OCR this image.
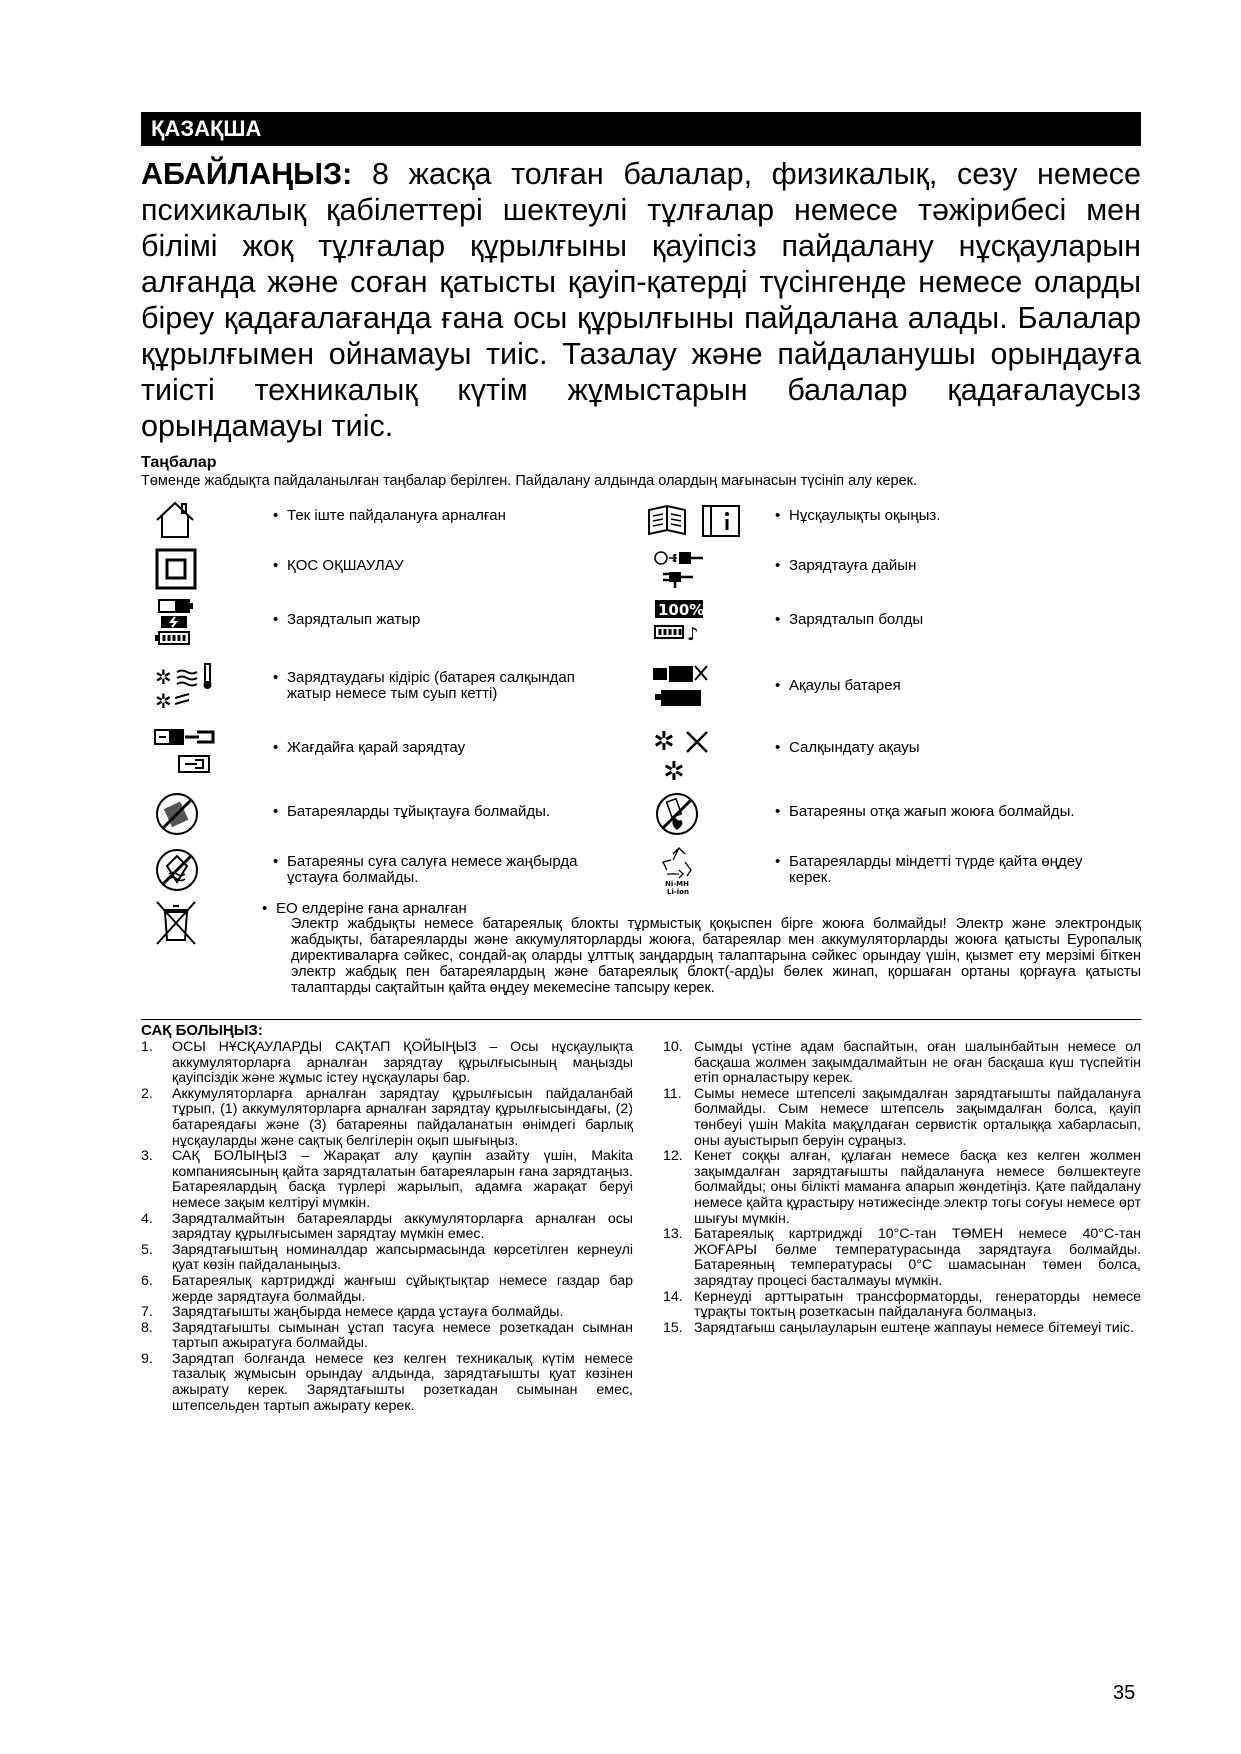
ҚАЗАҚША
АБАЙЛАҢЫЗ: 8 жасқа толған балалар, физикалық, сезу немесе психикалық қабілеттері шектеулі тұлғалар немесе тәжірибесі мен білімі жоқ тұлғалар құрылғыны қауіпсіз пайдалану нұсқауларын алғанда және соған қатысты қауіп-қатерді түсінгенде немесе оларды біреу қадағалағанда ғана осы құрылғыны пайдалана алады. Балалар құрылғымен ойнамауы тиіс. Тазалау және пайдаланушы орындауға тиісті техникалық күтім жұмыстарын балалар қадағалаусыз орындамауы тиіс.
Таңбалар
Төменде жабдықта пайдаланылған таңбалар берілген. Пайдалану алдында олардың мағынасын түсініп алу керек.
• Тек іште пайдалануға арналған
• ҚОС ОҚШАУЛАУ
• Зарядталып жатыр
✲
✲
• Зарядтаудағы кідіріс (батарея салқындап жатыр немесе тым суып кетті)
• Жағдайға қарай зарядтау
• Батареяларды тұйықтауға болмайды.
• Батареяны суға салуға немесе жаңбырда ұстауға болмайды.
• Нұсқаулықты оқыңыз.
• Зарядтауға дайын
100%
♪
• Зарядталып болды
• Ақаулы батарея
✲
✲
• Салқындату ақауы
• Батареяны отқа жағып жоюға болмайды.
Ni-MH
Li-ion
• Батареяларды міндетті түрде қайта өңдеу керек.
• ЕО елдеріне ғана арналған
Электр жабдықты немесе батареялық блокты тұрмыстық қоқыспен бірге жоюға болмайды! Электр және электрондық жабдықты, батареяларды және аккумуляторларды жоюға, батареялар мен аккумуляторларды жоюға қатысты Еуропалық директиваларға сәйкес, сондай-ақ оларды ұлттық заңдардың талаптарына сәйкес орындау үшін, қызмет ету мерзімі біткен электр жабдық пен батареялардың және батареялық блокт(-ард)ы бөлек жинап, қоршаған ортаны қорғауға қатысты талаптарды сақтайтын қайта өңдеу мекемесіне тапсыру керек.
САҚ БОЛЫҢЫЗ:
1. ОСЫ НҰСҚАУЛАРДЫ САҚТАП ҚОЙЫҢЫЗ – Осы нұсқаулықта аккумуляторларға арналған зарядтау құрылғысының маңызды қауіпсіздік және жұмыс істеу нұсқаулары бар.
2. Аккумуляторларға арналған зарядтау құрылғысын пайдаланбай тұрып, (1) аккумуляторларға арналған зарядтау құрылғысындағы, (2) батареядағы және (3) батареяны пайдаланатын өнімдегі барлық нұсқауларды және сақтық белгілерін оқып шығыңыз.
3. САҚ БОЛЫҢЫЗ – Жарақат алу қаупін азайту үшін, Makita компаниясының қайта зарядталатын батареяларын ғана зарядтаңыз. Батареялардың басқа түрлері жарылып, адамға жарақат беруі немесе зақым келтіруі мүмкін.
4. Зарядталмайтын батареяларды аккумуляторларға арналған осы зарядтау құрылғысымен зарядтау мүмкін емес.
5. Зарядтағыштың номиналдар жапсырмасында көрсетілген кернеулі қуат көзін пайдаланыңыз.
6. Батареялық картриджді жанғыш сұйықтықтар немесе газдар бар жерде зарядтауға болмайды.
7. Зарядтағышты жаңбырда немесе қарда ұстауға болмайды.
8. Зарядтағышты сымынан ұстап тасуға немесе розеткадан сымнан тартып ажыратуға болмайды.
9. Зарядтап болғанда немесе кез келген техникалық күтім немесе тазалық жұмысын орындау алдында, зарядтағышты қуат көзінен ажырату керек. Зарядтағышты розеткадан сымынан емес, штепсельден тартып ажырату керек.
10. Сымды үстіне адам баспайтын, оған шалынбайтын немесе ол басқаша жолмен зақымдалмайтын не оған басқаша күш түспейтін етіп орналастыру керек.
11. Сымы немесе штепселі зақымдалған зарядтағышты пайдалануға болмайды. Сым немесе штепсель зақымдалған болса, қауіп төнбеуі үшін Makita мақұлдаған сервистік орталыққа хабарласып, оны ауыстырып беруін сұраңыз.
12. Кенет соққы алған, құлаған немесе басқа кез келген жолмен зақымдалған зарядтағышты пайдалануға немесе бөлшектеуге болмайды; оны білікті маманға апарып жөндетіңіз. Қате пайдалану немесе қайта құрастыру нәтижесінде электр тогы соғуы немесе өрт шығуы мүмкін.
13. Батареялық картриджді 10°C-тан ТӨМЕН немесе 40°C-тан ЖОҒАРЫ бөлме температурасында зарядтауға болмайды. Батареяның температурасы 0°C шамасынан төмен болса, зарядтау процесі басталмауы мүмкін.
14. Кернеуді арттыратын трансформаторды, генераторды немесе тұрақты токтың розеткасын пайдалануға болмаңыз.
15. Зарядтағыш саңылауларын ештеңе жаппауы немесе бітемеуі тиіс.
35
